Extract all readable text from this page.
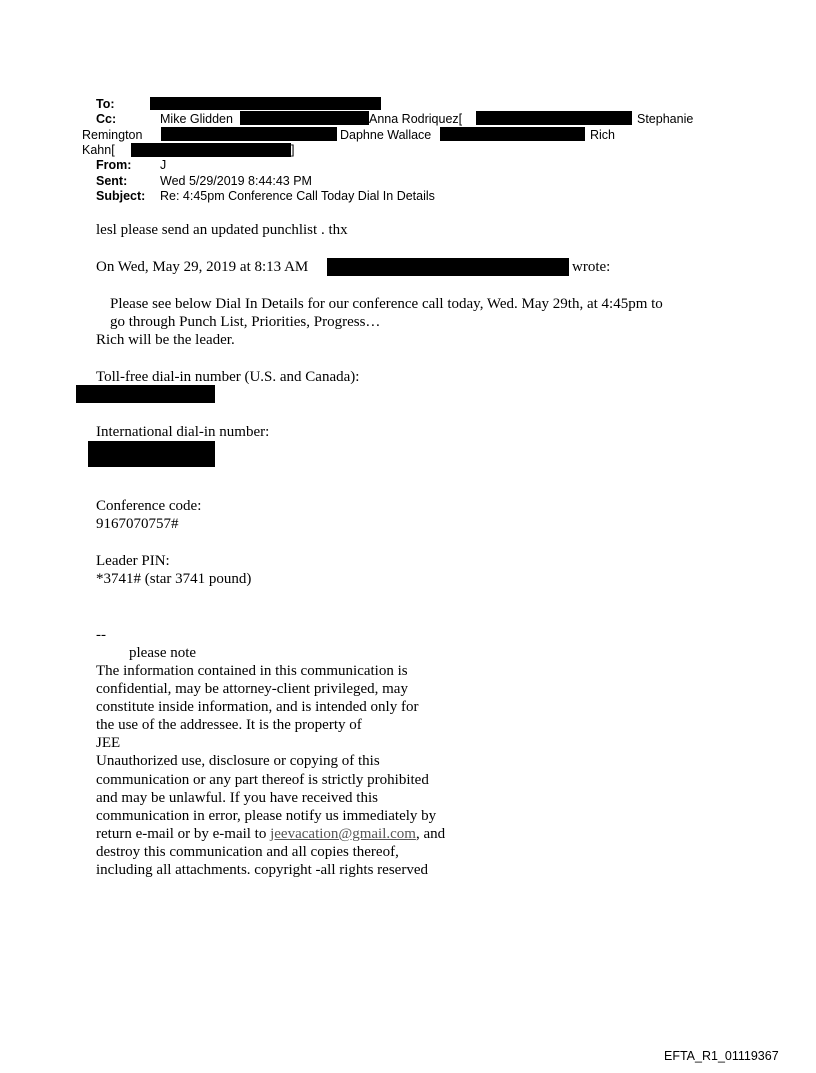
To:
Cc:	Mike Glidden	Anna Rodriquez[	Stephanie
Remington	Daphne Wallace	Rich
Kahn[	]
From: J
Sent:	Wed 5/29/2019 8:44:43 PM
Subject: Re: 4:45pm Conference Call Today Dial In Details
lesl please send an updated punchlist . thx
On Wed, May 29, 2019 at 8:13 AM	wrote:
Please see below Dial In Details for our conference call today, Wed. May 29th, at 4:45pm to
go through Punch List, Priorities, Progress…
Rich will be the leader.
Toll-free dial-in number (U.S. and Canada):
International dial-in number:
Conference code:
9167070757#
Leader PIN:
*3741# (star 3741 pound)
--
please note
The information contained in this communication is
confidential, may be attorney-client privileged, may
constitute inside information, and is intended only for
the use of the addressee. It is the property of
JEE
Unauthorized use, disclosure or copying of this
communication or any part thereof is strictly prohibited
and may be unlawful. If you have received this
communication in error, please notify us immediately by
return e-mail or by e-mail to jeevacation@gmail.com, and
destroy this communication and all copies thereof,
including all attachments. copyright -all rights reserved
EFTA_R1_01119367
